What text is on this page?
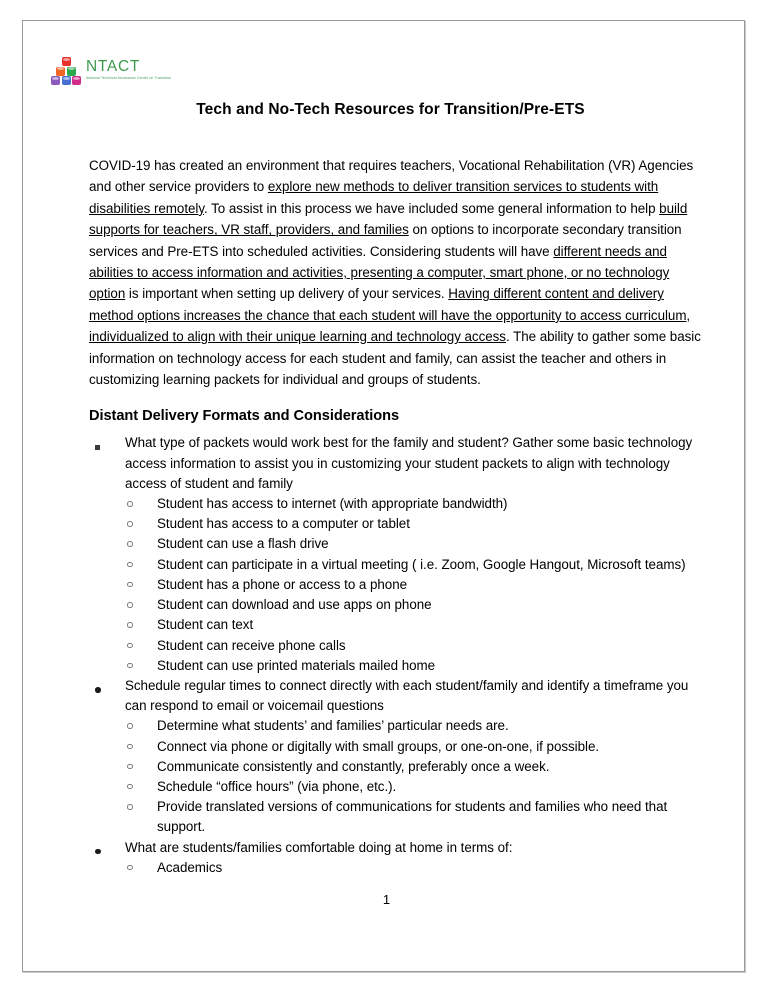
NTACT
National Technical Assistance Center on Transition
Tech and No-Tech Resources for Transition/Pre-ETS

COVID-19 has created an environment that requires teachers, Vocational Rehabilitation (VR) Agencies and other service providers to explore new methods to deliver transition services to students with disabilities remotely. To assist in this process we have included some general information to help build supports for teachers, VR staff, providers, and families on options to incorporate secondary transition services and Pre-ETS into scheduled activities. Considering students will have different needs and abilities to access information and activities, presenting a computer, smart phone, or no technology option is important when setting up delivery of your services. Having different content and delivery method options increases the chance that each student will have the opportunity to access curriculum, individualized to align with their unique learning and technology access. The ability to gather some basic information on technology access for each student and family, can assist the teacher and others in customizing learning packets for individual and groups of students.

Distant Delivery Formats and Considerations
What type of packets would work best for the family and student? Gather some basic technology access information to assist you in customizing your student packets to align with technology access of student and family
Student has access to internet (with appropriate bandwidth)
Student has access to a computer or tablet
Student can use a flash drive
Student can participate in a virtual meeting ( i.e. Zoom, Google Hangout, Microsoft teams)
Student has a phone or access to a phone
Student can download and use apps on phone
Student can text
Student can receive phone calls
Student can use printed materials mailed home
Schedule regular times to connect directly with each student/family and identify a timeframe you can respond to email or voicemail questions
Determine what students’ and families’ particular needs are.
Connect via phone or digitally with small groups, or one-on-one, if possible.
Communicate consistently and constantly, preferably once a week.
Schedule “office hours” (via phone, etc.).
Provide translated versions of communications for students and families who need that support.
What are students/families comfortable doing at home in terms of:
Academics
1
